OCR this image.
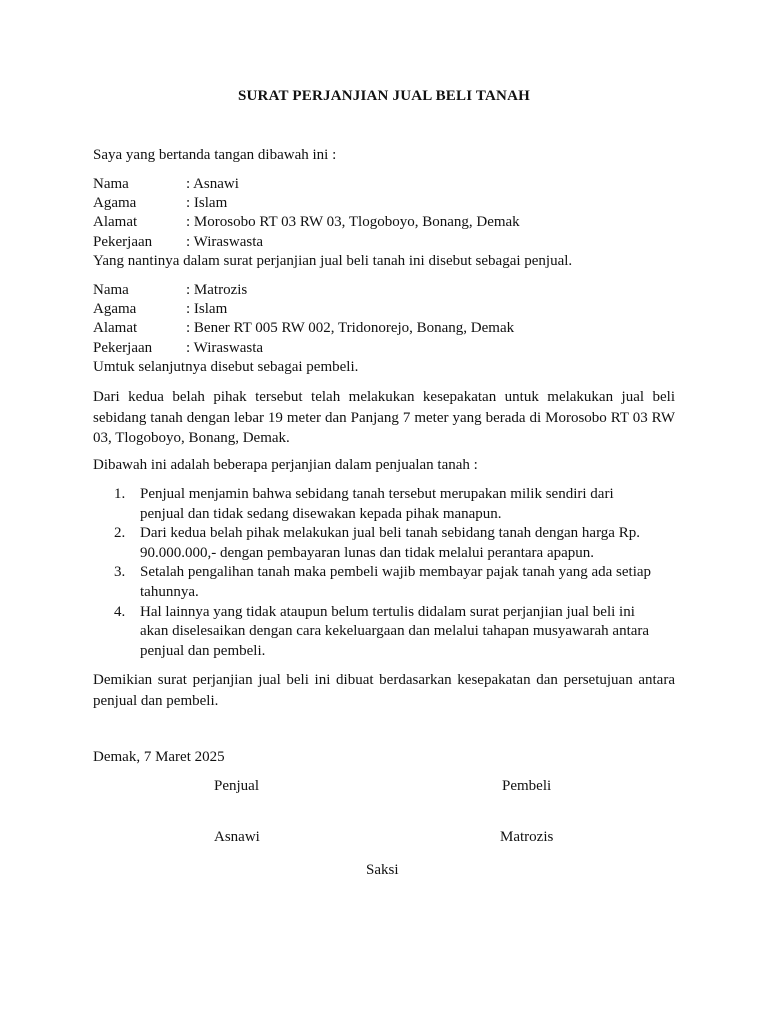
SURAT PERJANJIAN JUAL BELI TANAH
Saya yang bertanda tangan dibawah ini :
Nama	: Asnawi
Agama	: Islam
Alamat	: Morosobo RT 03 RW 03, Tlogoboyo, Bonang, Demak
Pekerjaan : Wiraswasta
Yang nantinya dalam surat perjanjian jual beli tanah ini disebut sebagai penjual.
Nama	: Matrozis
Agama	: Islam
Alamat	: Bener RT 005 RW 002, Tridonorejo, Bonang, Demak
Pekerjaan : Wiraswasta
Umtuk selanjutnya disebut sebagai pembeli.
Dari kedua belah pihak tersebut telah melakukan kesepakatan untuk melakukan jual beli sebidang tanah dengan lebar 19 meter dan Panjang 7 meter yang berada di Morosobo RT 03 RW 03, Tlogoboyo, Bonang, Demak.
Dibawah ini adalah beberapa perjanjian dalam penjualan tanah :
1. Penjual menjamin bahwa sebidang tanah tersebut merupakan milik sendiri dari penjual dan tidak sedang disewakan kepada pihak manapun.
2. Dari kedua belah pihak melakukan jual beli tanah sebidang tanah dengan harga Rp. 90.000.000,- dengan pembayaran lunas dan tidak melalui perantara apapun.
3. Setalah pengalihan tanah maka pembeli wajib membayar pajak tanah yang ada setiap tahunnya.
4. Hal lainnya yang tidak ataupun belum tertulis didalam surat perjanjian jual beli ini akan diselesaikan dengan cara kekeluargaan dan melalui tahapan musyawarah antara penjual dan pembeli.
Demikian surat perjanjian jual beli ini dibuat berdasarkan kesepakatan dan persetujuan antara penjual dan pembeli.
Demak, 7 Maret 2025
Penjual	Pembeli
Asnawi	Matrozis
Saksi
